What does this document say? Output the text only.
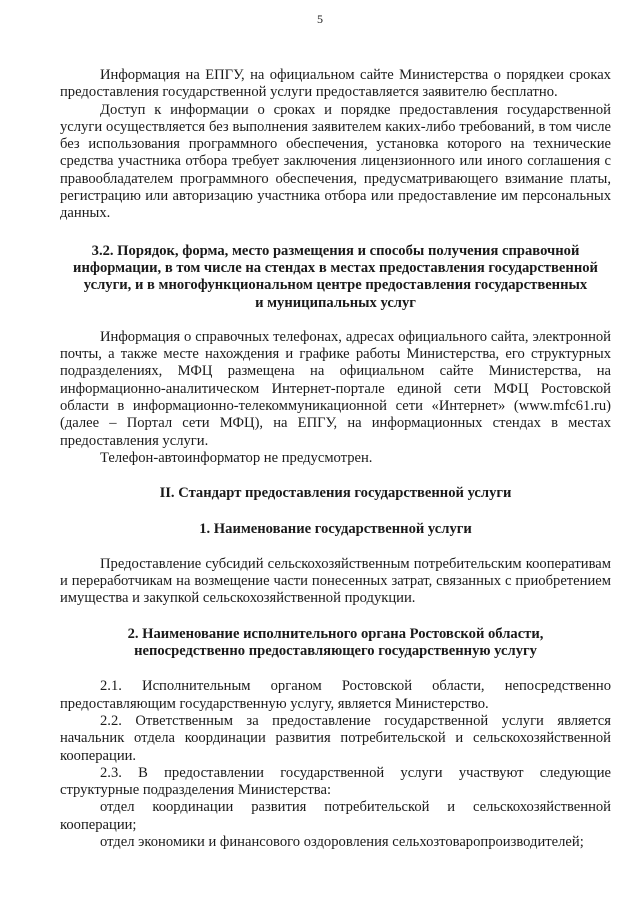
5

Информация на ЕПГУ, на официальном сайте Министерства о порядкеи сроках предоставления государственной услуги предоставляется заявителю бесплатно.

Доступ к информации о сроках и порядке предоставления государственной услуги осуществляется без выполнения заявителем каких-либо требований, в том числе без использования программного обеспечения, установка которого на технические средства участника отбора требует заключения лицензионного или иного соглашения с правообладателем программного обеспечения, предусматривающего взимание платы, регистрацию или авторизацию участника отбора или предоставление им персональных данных.

3.2. Порядок, форма, место размещения и способы получения справочной
информации, в том числе на стендах в местах предоставления государственной
услуги, и в многофункциональном центре предоставления государственных
и муниципальных услуг

Информация о справочных телефонах, адресах официального сайта, электронной почты, а также месте нахождения и графике работы Министерства, его структурных подразделениях, МФЦ размещена на официальном сайте Министерства, на информационно-аналитическом Интернет-портале единой сети МФЦ Ростовской области в информационно-телекоммуникационной сети «Интернет» (www.mfc61.ru) (далее – Портал сети МФЦ), на ЕПГУ, на информационных стендах в местах предоставления услуги.

Телефон-автоинформатор не предусмотрен.

II. Стандарт предоставления государственной услуги
1. Наименование государственной услуги

Предоставление субсидий сельскохозяйственным потребительским кооперативам и переработчикам на возмещение части понесенных затрат, связанных с приобретением имущества и закупкой сельскохозяйственной продукции.

2. Наименование исполнительного органа Ростовской области,
непосредственно предоставляющего государственную услугу

2.1. Исполнительным органом Ростовской области, непосредственно предоставляющим государственную услугу, является Министерство.

2.2. Ответственным за предоставление государственной услуги является начальник отдела координации развития потребительской и сельскохозяйственной кооперации.

2.3. В предоставлении государственной услуги участвуют следующие структурные подразделения Министерства:

отдел координации развития потребительской и сельскохозяйственной кооперации;

отдел экономики и финансового оздоровления сельхозтоваропроизводителей;
